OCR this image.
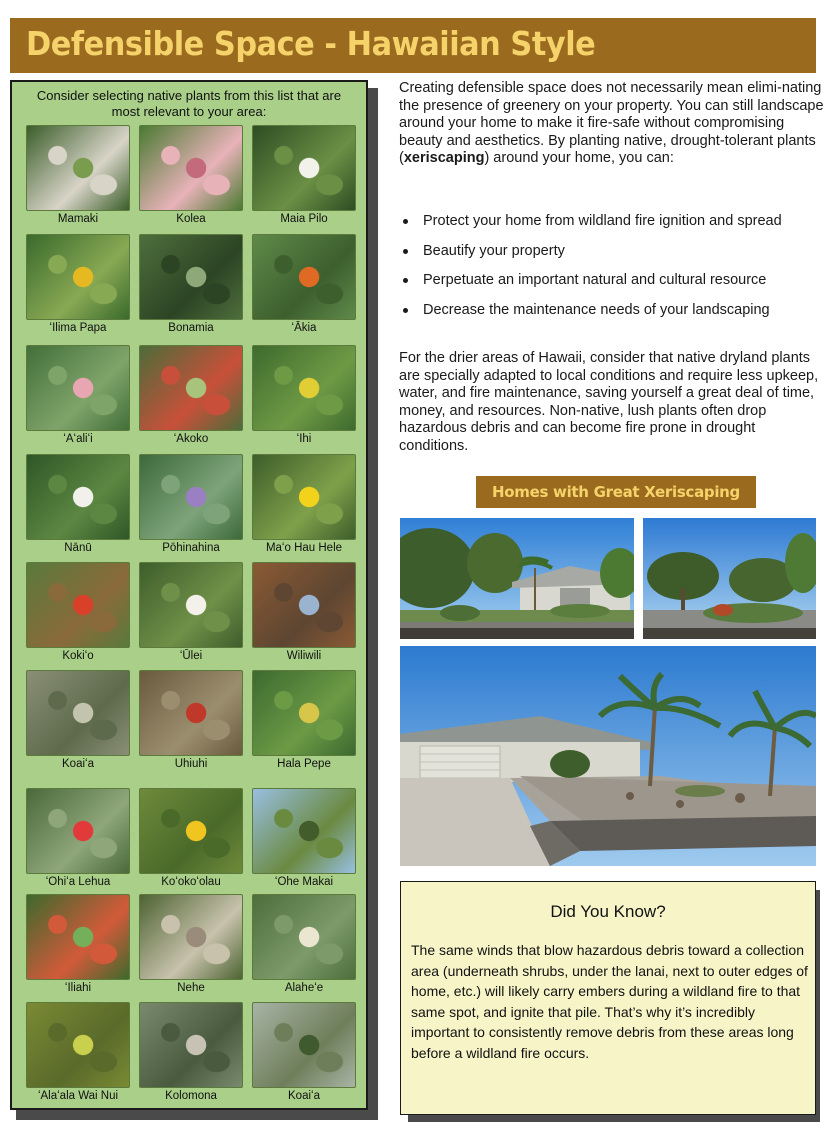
Defensible Space - Hawaiian Style

Consider selecting native plants from this list that are most relevant to your area:

Mamaki	Kolea	Maia Pilo
ʻIlima Papa	Bonamia	ʻĀkia
ʻAʻaliʻi	ʻAkoko	ʻIhi
Nānū	Pōhinahina	Maʻo Hau Hele
Kokiʻo	ʻŪlei	Wiliwili
Koaiʻa	Uhiuhi	Hala Pepe
ʻOhiʻa Lehua	Koʻokoʻolau	ʻOhe Makai
ʻIliahi	Nehe	Alaheʻe
ʻAlaʻala Wai Nui	Kolomona	Koaiʻa

Creating defensible space does not necessarily mean elimi-nating the presence of greenery on your property. You can still landscape around your home to make it fire-safe without compromising beauty and aesthetics. By planting native, drought-tolerant plants (xeriscaping) around your home, you can:

Protect your home from wildland fire ignition and spread
Beautify your property
Perpetuate an important natural and cultural resource
Decrease the maintenance needs of your landscaping

For the drier areas of Hawaii, consider that native dryland plants are specially adapted to local conditions and require less upkeep, water, and fire maintenance, saving yourself a great deal of time, money, and resources. Non-native, lush plants often drop hazardous debris and can become fire prone in drought conditions.

Homes with Great Xeriscaping
Did You Know?

The same winds that blow hazardous debris toward a collection area (underneath shrubs, under the lanai, next to outer edges of home, etc.) will likely carry embers during a wildland fire to that same spot, and ignite that pile. That’s why it’s incredibly important to consistently remove debris from these areas long before a wildland fire occurs.
